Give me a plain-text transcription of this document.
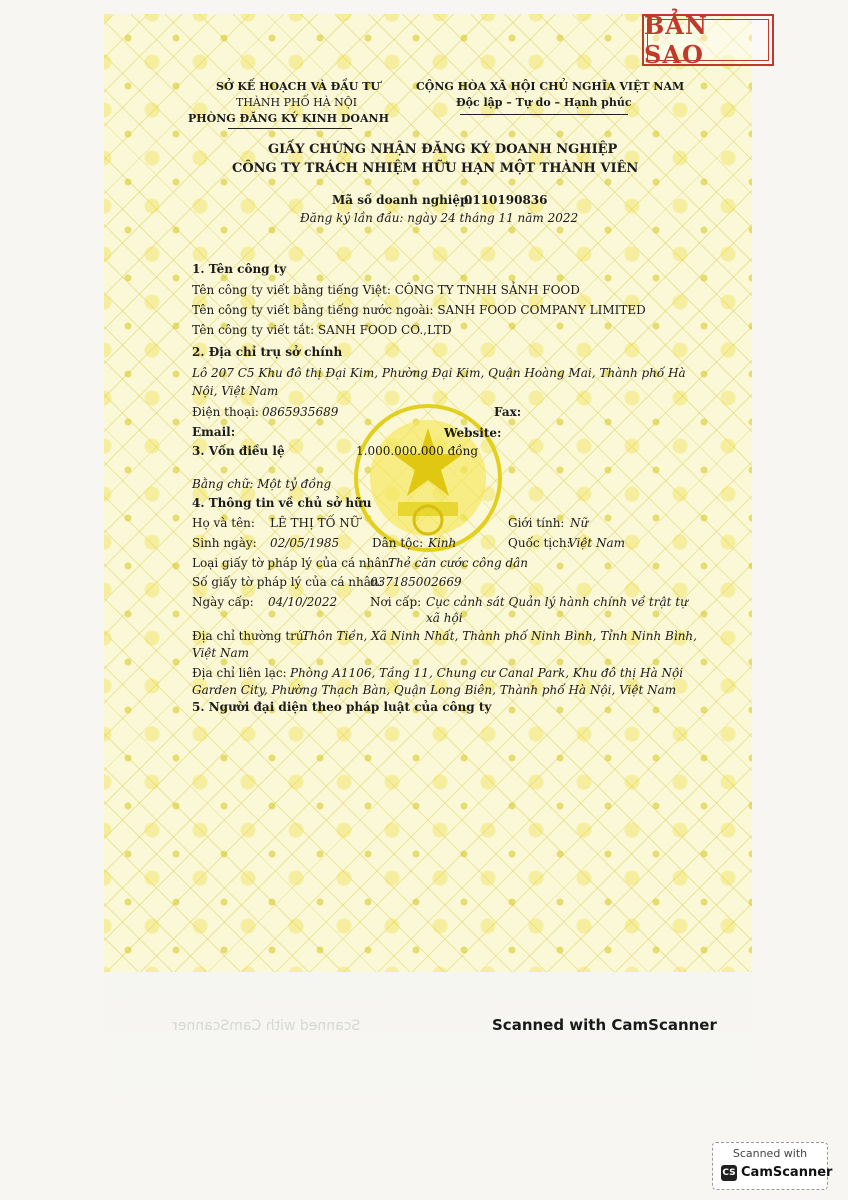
BẢN SAO
SỞ KẾ HOẠCH VÀ ĐẦU TƯ
THÀNH PHỐ HÀ NỘI
PHÒNG ĐĂNG KÝ KINH DOANH
CỘNG HÒA XÃ HỘI CHỦ NGHĨA VIỆT NAM
Độc lập – Tự do – Hạnh phúc
GIẤY CHỨNG NHẬN ĐĂNG KÝ DOANH NGHIỆP
CÔNG TY TRÁCH NHIỆM HỮU HẠN MỘT THÀNH VIÊN
Mã số doanh nghiệp:
0110190836
Đăng ký lần đầu: ngày 24 tháng 11 năm 2022
1. Tên công ty
Tên công ty viết bằng tiếng Việt: CÔNG TY TNHH SẢNH FOOD
Tên công ty viết bằng tiếng nước ngoài: SANH FOOD COMPANY LIMITED
Tên công ty viết tắt: SANH FOOD CO.,LTD
2. Địa chỉ trụ sở chính
Lô 207 C5 Khu đô thị Đại Kim, Phường Đại Kim, Quận Hoàng Mai, Thành phố Hà
Nội, Việt Nam
Điện thoại: 0865935689	Fax:
Email:	Website:
3. Vốn điều lệ	1.000.000.000 đồng
Bằng chữ: Một tỷ đồng
4. Thông tin về chủ sở hữu
Họ và tên: LÊ THỊ TỐ NỮ	Giới tính: Nữ
Sinh ngày: 02/05/1985	Dân tộc: Kinh	Quốc tịch:
Việt Nam
Loại giấy tờ pháp lý của cá nhân:
Thẻ căn cước công dân
Số giấy tờ pháp lý của cá nhân:
037185002669
Ngày cấp: 04/10/2022	Nơi cấp: Cục cảnh sát Quản lý hành chính về trật tự
xã hội
Địa chỉ thường trú:
Thôn Tiền, Xã Ninh Nhất, Thành phố Ninh Bình, Tỉnh Ninh Bình,
Việt Nam
Địa chỉ liên lạc: Phòng A1106, Tầng 11, Chung cư Canal Park, Khu đô thị Hà Nội
Garden City, Phường Thạch Bàn, Quận Long Biên, Thành phố Hà Nội, Việt Nam
5. Người đại diện theo pháp luật của công ty
Scanned with CamScanner	Scanned with CamScanner
Scanned with
CS CamScanner
